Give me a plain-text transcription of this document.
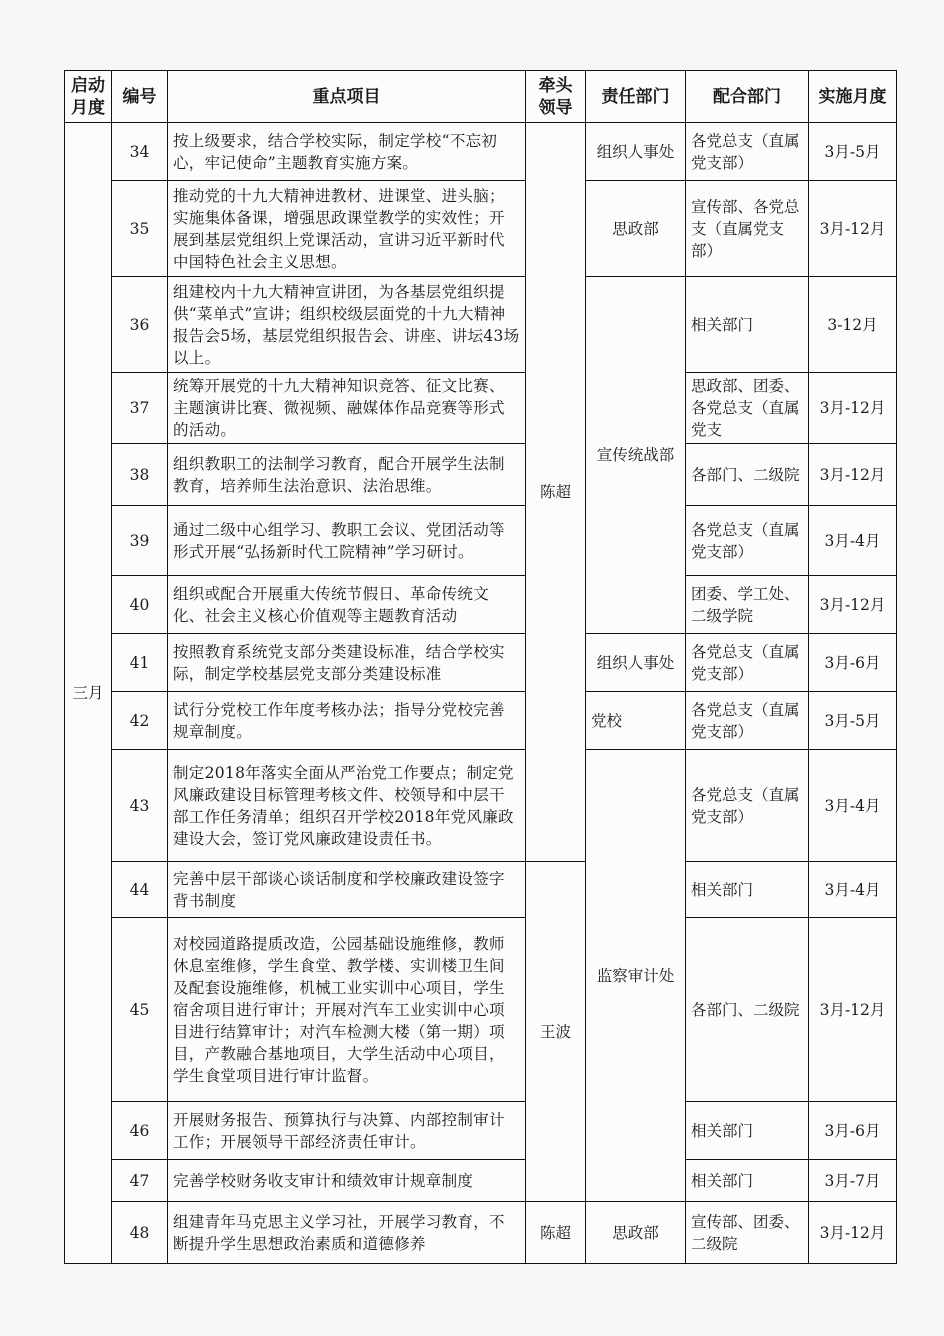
启动月度	编号	重点项目	牵头领导	责任部门	配合部门	实施月度
三月	34	按上级要求，结合学校实际，制定学校“不忘初心，牢记使命”主题教育实施方案。	陈超	组织人事处	各党总支（直属党支部）	3月-5月
	35	推动党的十九大精神进教材、进课堂、进头脑；实施集体备课，增强思政课堂教学的实效性；开展到基层党组织上党课活动，宣讲习近平新时代中国特色社会主义思想。		思政部	宣传部、各党总支（直属党支部）	3月-12月
	36	组建校内十九大精神宣讲团，为各基层党组织提供“菜单式”宣讲；组织校级层面党的十九大精神报告会5场，基层党组织报告会、讲座、讲坛43场以上。		宣传统战部	相关部门	3-12月
	37	统筹开展党的十九大精神知识竞答、征文比赛、主题演讲比赛、微视频、融媒体作品竞赛等形式的活动。			思政部、团委、各党总支（直属党支	3月-12月
	38	组织教职工的法制学习教育，配合开展学生法制教育，培养师生法治意识、法治思维。			各部门、二级院	3月-12月
	39	通过二级中心组学习、教职工会议、党团活动等形式开展“弘扬新时代工院精神”学习研讨。			各党总支（直属党支部）	3月-4月
	40	组织或配合开展重大传统节假日、革命传统文化、社会主义核心价值观等主题教育活动			团委、学工处、二级学院	3月-12月
	41	按照教育系统党支部分类建设标准，结合学校实际，制定学校基层党支部分类建设标准		组织人事处	各党总支（直属党支部）	3月-6月
	42	试行分党校工作年度考核办法；指导分党校完善规章制度。		党校	各党总支（直属党支部）	3月-5月
	43	制定2018年落实全面从严治党工作要点；制定党风廉政建设目标管理考核文件、校领导和中层干部工作任务清单；组织召开学校2018年党风廉政建设大会，签订党风廉政建设责任书。		监察审计处	各党总支（直属党支部）	3月-4月
	44	完善中层干部谈心谈话制度和学校廉政建设签字背书制度	王波		相关部门	3月-4月
	45	对校园道路提质改造，公园基础设施维修，教师休息室维修，学生食堂、教学楼、实训楼卫生间及配套设施维修，机械工业实训中心项目，学生宿舍项目进行审计；开展对汽车工业实训中心项目进行结算审计；对汽车检测大楼（第一期）项目，产教融合基地项目，大学生活动中心项目，学生食堂项目进行审计监督。			各部门、二级院	3月-12月
	46	开展财务报告、预算执行与决算、内部控制审计工作；开展领导干部经济责任审计。			相关部门	3月-6月
	47	完善学校财务收支审计和绩效审计规章制度			相关部门	3月-7月
	48	组建青年马克思主义学习社，开展学习教育，不断提升学生思想政治素质和道德修养	陈超	思政部	宣传部、团委、二级院	3月-12月
